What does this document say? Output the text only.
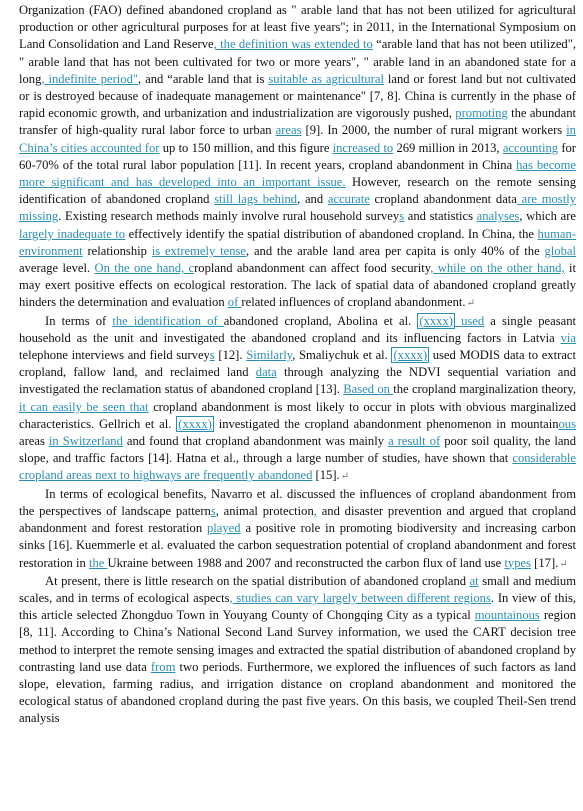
Organization (FAO) defined abandoned cropland as " arable land that has not been utilized for agricultural production or other agricultural purposes for at least five years"; in 2011, in the International Symposium on Land Consolidation and Land Reserve, the definition was extended to “arable land that has not been utilized", " arable land that has not been cultivated for two or more years", " arable land in an abandoned state for a long, indefinite period", and “arable land that is suitable as agricultural land or forest land but not cultivated or is destroyed because of inadequate management or maintenance" [7, 8]. China is currently in the phase of rapid economic growth, and urbanization and industrialization are vigorously pushed, promoting the abundant transfer of high-quality rural labor force to urban areas [9]. In 2000, the number of rural migrant workers in China’s cities accounted for up to 150 million, and this figure increased to 269 million in 2013, accounting for 60-70% of the total rural labor population [11]. In recent years, cropland abandonment in China has become more significant and has developed into an important issue. However, research on the remote sensing identification of abandoned cropland still lags behind, and accurate cropland abandonment data are mostly missing. Existing research methods mainly involve rural household surveys and statistics analyses, which are largely inadequate to effectively identify the spatial distribution of abandoned cropland. In China, the human-environment relationship is extremely tense, and the arable land area per capita is only 40% of the global average level. On the one hand, cropland abandonment can affect food security, while on the other hand, it may exert positive effects on ecological restoration. The lack of spatial data of abandoned cropland greatly hinders the determination and evaluation of related influences of cropland abandonment.↵

In terms of the identification of abandoned cropland, Abolina et al. (xxxx) used a single peasant household as the unit and investigated the abandoned cropland and its influencing factors in Latvia via telephone interviews and field surveys [12]. Similarly, Smaliychuk et al. (xxxx) used MODIS data to extract cropland, fallow land, and reclaimed land data through analyzing the NDVI sequential variation and investigated the reclamation status of abandoned cropland [13]. Based on the cropland marginalization theory, it can easily be seen that cropland abandonment is most likely to occur in plots with obvious marginalized characteristics. Gellrich et al. (xxxx) investigated the cropland abandonment phenomenon in mountainous areas in Switzerland and found that cropland abandonment was mainly a result of poor soil quality, the land slope, and traffic factors [14]. Hatna et al., through a large number of studies, have shown that considerable cropland areas next to highways are frequently abandoned [15].↵

In terms of ecological benefits, Navarro et al. discussed the influences of cropland abandonment from the perspectives of landscape patterns, animal protection, and disaster prevention and argued that cropland abandonment and forest restoration played a positive role in promoting biodiversity and increasing carbon sinks [16]. Kuemmerle et al. evaluated the carbon sequestration potential of cropland abandonment and forest restoration in the Ukraine between 1988 and 2007 and reconstructed the carbon flux of land use types [17].↵

At present, there is little research on the spatial distribution of abandoned cropland at small and medium scales, and in terms of ecological aspects, studies can vary largely between different regions. In view of this, this article selected Zhongduo Town in Youyang County of Chongqing City as a typical mountainous region [8, 11]. According to China’s National Second Land Survey information, we used the CART decision tree method to interpret the remote sensing images and extracted the spatial distribution of abandoned cropland by contrasting land use data from two periods. Furthermore, we explored the influences of such factors as land slope, elevation, farming radius, and irrigation distance on cropland abandonment and monitored the ecological status of abandoned cropland during the past five years. On this basis, we coupled Theil-Sen trend analysis
